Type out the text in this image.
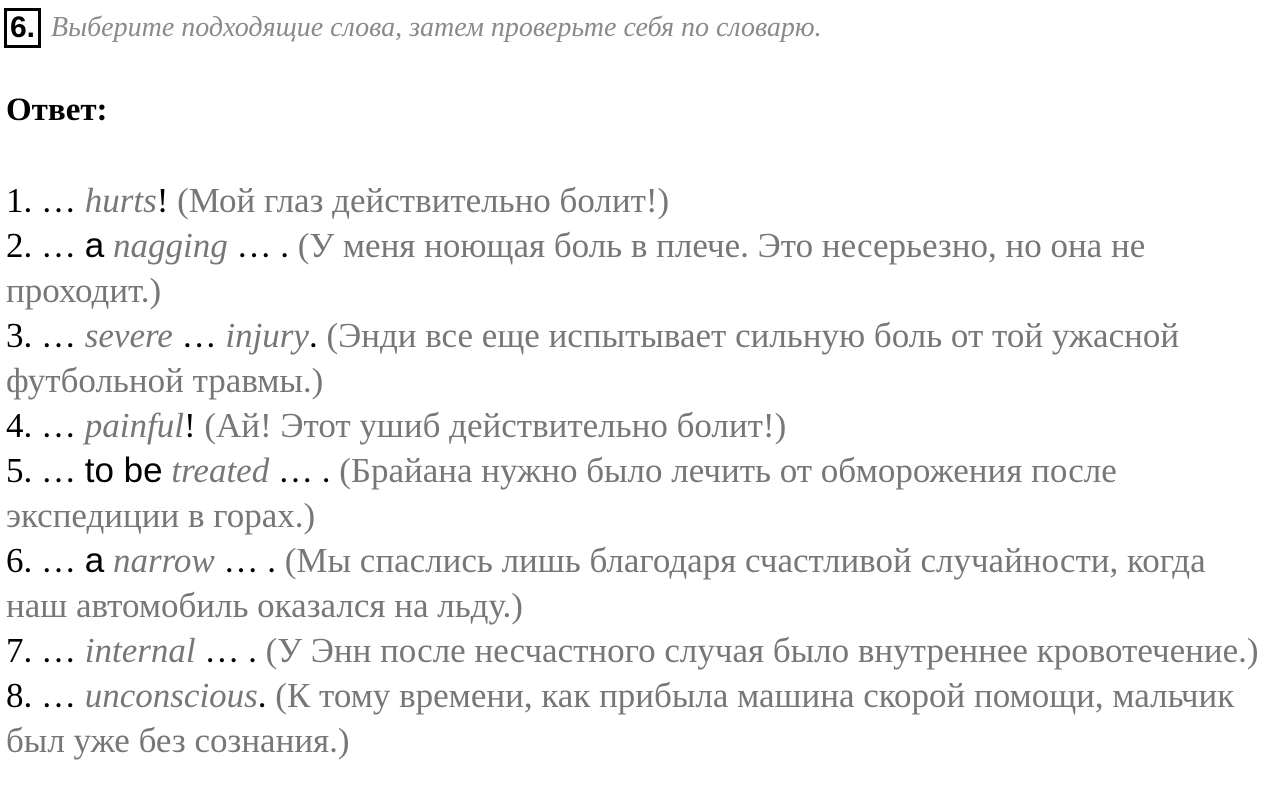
6. Выберите подходящие слова, затем проверьте себя по словарю.
Ответ:

1. … hurts! (Мой глаз действительно болит!)

2. … a nagging … . (У меня ноющая боль в плече. Это несерьезно, но она не проходит.)

3. … severe … injury. (Энди все еще испытывает сильную боль от той ужасной футбольной травмы.)

4. … painful! (Ай! Этот ушиб действительно болит!)

5. … to be treated … . (Брайана нужно было лечить от обморожения после экспедиции в горах.)

6. … a narrow … . (Мы спаслись лишь благодаря счастливой случайности, когда наш автомобиль оказался на льду.)

7. … internal … . (У Энн после несчастного случая было внутреннее кровотечение.)

8. … unconscious. (К тому времени, как прибыла машина скорой помощи, мальчик был уже без сознания.)
